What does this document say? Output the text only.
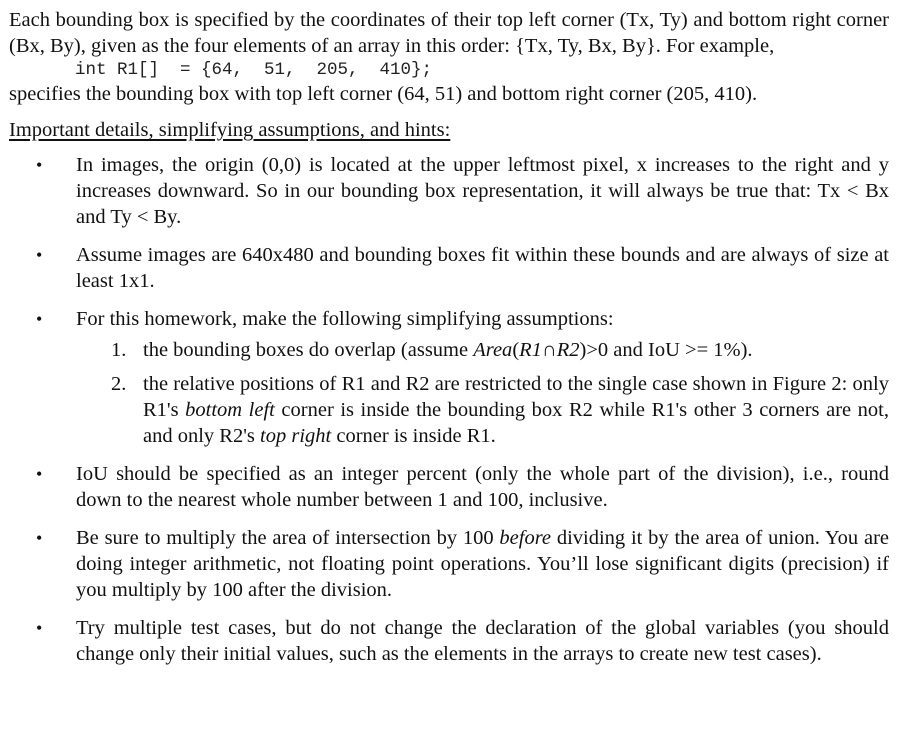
Each bounding box is specified by the coordinates of their top left corner (Tx, Ty) and bottom right corner (Bx, By), given as the four elements of an array in this order: {Tx, Ty, Bx, By}. For example,

int R1[]  = {64,  51,  205,  410};

specifies the bounding box with top left corner (64, 51) and bottom right corner (205, 410).

Important details, simplifying assumptions, and hints:

• In images, the origin (0,0) is located at the upper leftmost pixel, x increases to the right and y increases downward. So in our bounding box representation, it will always be true that: Tx < Bx and Ty < By.

• Assume images are 640x480 and bounding boxes fit within these bounds and are always of size at least 1x1.

• For this homework, make the following simplifying assumptions:

1. the bounding boxes do overlap (assume Area(R1∩R2)>0 and IoU >= 1%).
2. the relative positions of R1 and R2 are restricted to the single case shown in Figure 2: only R1's bottom left corner is inside the bounding box R2 while R1's other 3 corners are not, and only R2's top right corner is inside R1.

• IoU should be specified as an integer percent (only the whole part of the division), i.e., round down to the nearest whole number between 1 and 100, inclusive.

• Be sure to multiply the area of intersection by 100 before dividing it by the area of union. You are doing integer arithmetic, not floating point operations. You’ll lose significant digits (precision) if you multiply by 100 after the division.

• Try multiple test cases, but do not change the declaration of the global variables (you should change only their initial values, such as the elements in the arrays to create new test cases).
